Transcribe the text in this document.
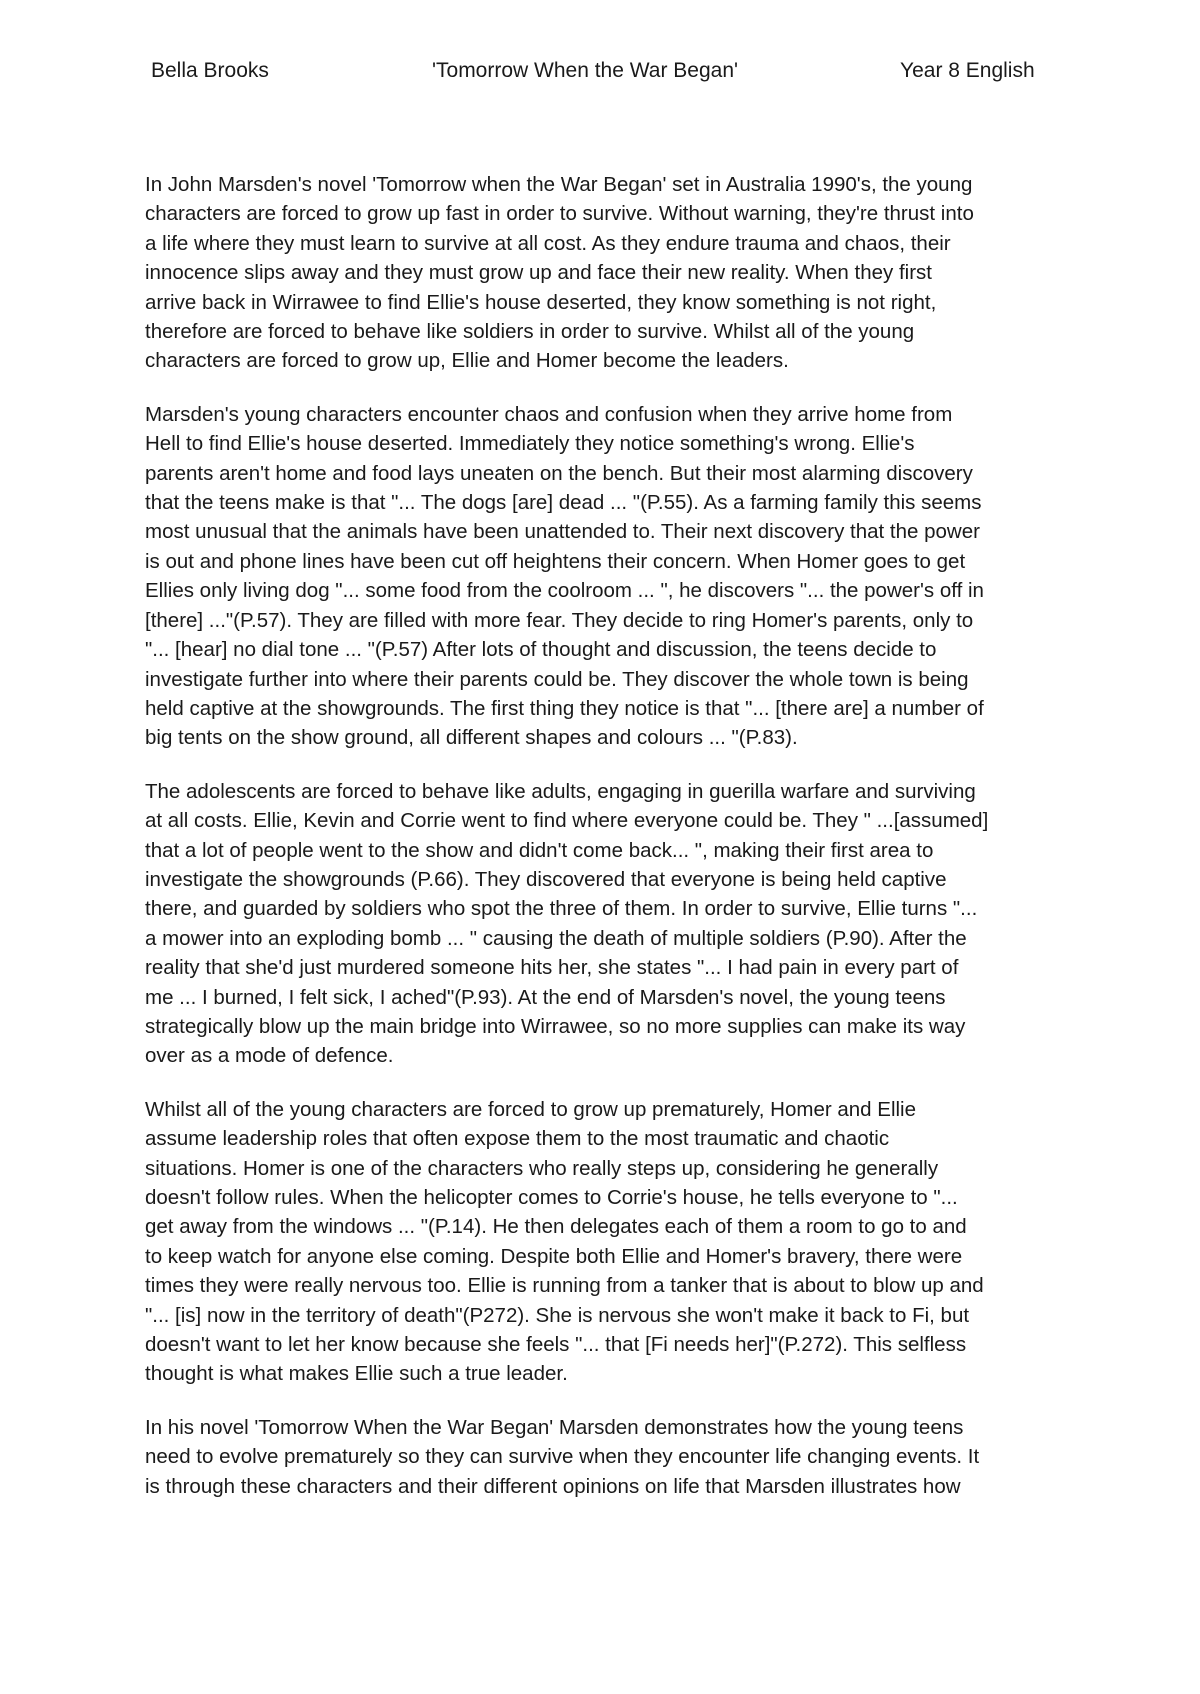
Bella Brooks	'Tomorrow When the War Began'	Year 8 English

In John Marsden's novel 'Tomorrow when the War Began' set in Australia 1990's, the young
characters are forced to grow up fast in order to survive. Without warning, they're thrust into
a life where they must learn to survive at all cost. As they endure trauma and chaos, their
innocence slips away and they must grow up and face their new reality. When they first
arrive back in Wirrawee to find Ellie's house deserted, they know something is not right,
therefore are forced to behave like soldiers in order to survive. Whilst all of the young
characters are forced to grow up, Ellie and Homer become the leaders.

Marsden's young characters encounter chaos and confusion when they arrive home from
Hell to find Ellie's house deserted. Immediately they notice something's wrong. Ellie's
parents aren't home and food lays uneaten on the bench. But their most alarming discovery
that the teens make is that "... The dogs [are] dead ... "(P.55). As a farming family this seems
most unusual that the animals have been unattended to. Their next discovery that the power
is out and phone lines have been cut off heightens their concern. When Homer goes to get
Ellies only living dog "... some food from the coolroom ... ", he discovers "... the power's off in
[there] ..."(P.57). They are filled with more fear. They decide to ring Homer's parents, only to
"... [hear] no dial tone ... "(P.57) After lots of thought and discussion, the teens decide to
investigate further into where their parents could be. They discover the whole town is being
held captive at the showgrounds. The first thing they notice is that "... [there are] a number of
big tents on the show ground, all different shapes and colours ... "(P.83).

The adolescents are forced to behave like adults, engaging in guerilla warfare and surviving
at all costs. Ellie, Kevin and Corrie went to find where everyone could be. They " ...[assumed]
that a lot of people went to the show and didn't come back... ", making their first area to
investigate the showgrounds (P.66). They discovered that everyone is being held captive
there, and guarded by soldiers who spot the three of them. In order to survive, Ellie turns "...
a mower into an exploding bomb ... " causing the death of multiple soldiers (P.90). After the
reality that she'd just murdered someone hits her, she states "... I had pain in every part of
me ... I burned, I felt sick, I ached"(P.93). At the end of Marsden's novel, the young teens
strategically blow up the main bridge into Wirrawee, so no more supplies can make its way
over as a mode of defence.

Whilst all of the young characters are forced to grow up prematurely, Homer and Ellie
assume leadership roles that often expose them to the most traumatic and chaotic
situations. Homer is one of the characters who really steps up, considering he generally
doesn't follow rules. When the helicopter comes to Corrie's house, he tells everyone to "...
get away from the windows ... "(P.14). He then delegates each of them a room to go to and
to keep watch for anyone else coming. Despite both Ellie and Homer's bravery, there were
times they were really nervous too. Ellie is running from a tanker that is about to blow up and
"... [is] now in the territory of death"(P272). She is nervous she won't make it back to Fi, but
doesn't want to let her know because she feels "... that [Fi needs her]"(P.272). This selfless
thought is what makes Ellie such a true leader.

In his novel 'Tomorrow When the War Began' Marsden demonstrates how the young teens
need to evolve prematurely so they can survive when they encounter life changing events. It
is through these characters and their different opinions on life that Marsden illustrates how
